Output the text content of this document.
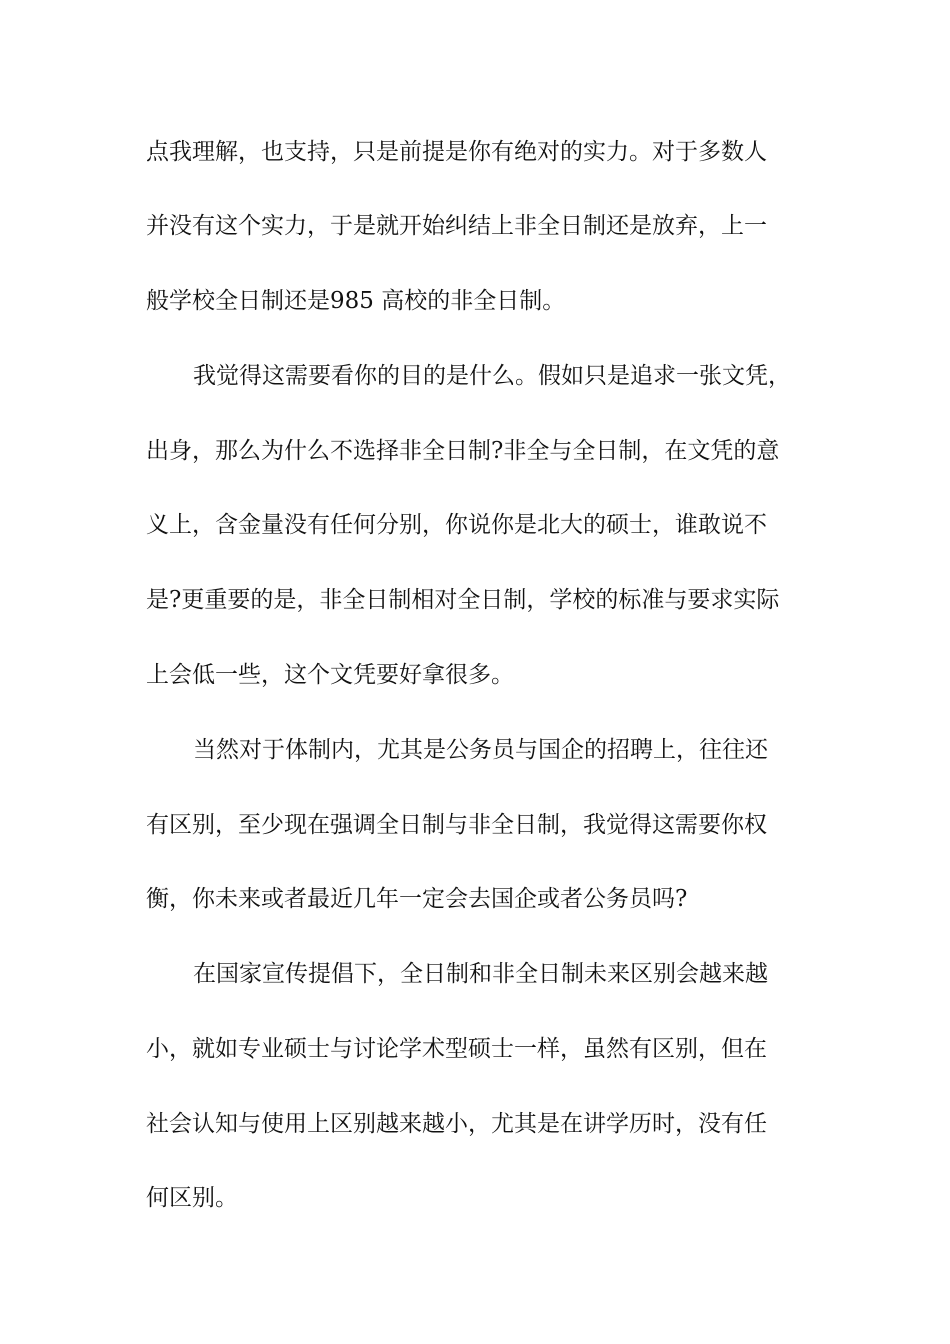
点我理解，也支持，只是前提是你有绝对的实力。对于多数人
并没有这个实力，于是就开始纠结上非全日制还是放弃，上一
般学校全日制还是985 高校的非全日制。
我觉得这需要看你的目的是什么。假如只是追求一张文凭，
出身，那么为什么不选择非全日制?非全与全日制，在文凭的意
义上，含金量没有任何分别，你说你是北大的硕士，谁敢说不
是?更重要的是，非全日制相对全日制，学校的标准与要求实际
上会低一些，这个文凭要好拿很多。
当然对于体制内，尤其是公务员与国企的招聘上，往往还
有区别，至少现在强调全日制与非全日制，我觉得这需要你权
衡，你未来或者最近几年一定会去国企或者公务员吗?
在国家宣传提倡下，全日制和非全日制未来区别会越来越
小，就如专业硕士与讨论学术型硕士一样，虽然有区别，但在
社会认知与使用上区别越来越小，尤其是在讲学历时，没有任
何区别。
